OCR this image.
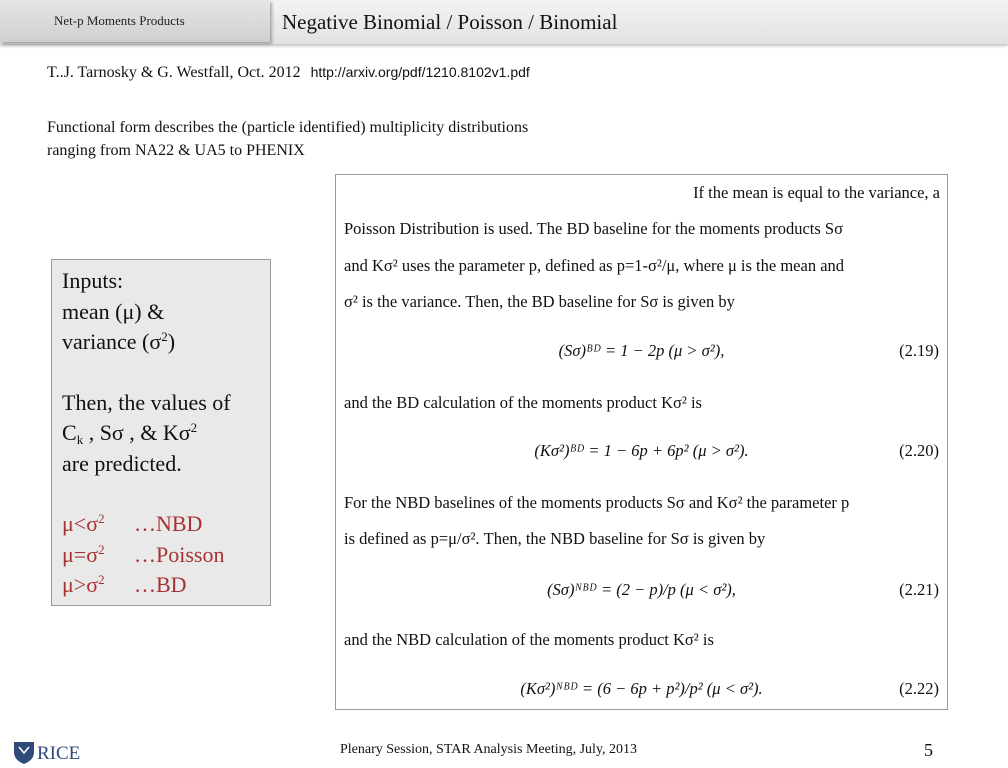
Net-p Moments Products	Negative Binomial / Poisson / Binomial
T..J. Tarnosky & G. Westfall, Oct. 2012 http://arxiv.org/pdf/1210.8102v1.pdf
Functional form describes the (particle identified) multiplicity distributions
ranging from NA22 & UA5 to PHENIX
Inputs:
mean (μ) &
variance $(\sigma^2)$
Then, the values of
$C_k$ , Sσ , & $K\sigma^2$
are predicted.
$\mu<\sigma^2$ …NBD
$\mu=\sigma^2$ …Poisson
$\mu>\sigma^2$ …BD
If the mean is equal to the variance, a
Poisson Distribution is used. The BD baseline for the moments products Sσ
and Kσ² uses the parameter p, defined as p=1-σ²/μ, where μ is the mean and
σ² is the variance. Then, the BD baseline for Sσ is given by
(Sσ)ᴮᴰ = 1 − 2p (μ > σ²),	(2.19)
and the BD calculation of the moments product Kσ² is
(Kσ²)ᴮᴰ = 1 − 6p + 6p² (μ > σ²).	(2.20)
For the NBD baselines of the moments products Sσ and Kσ² the parameter p
is defined as p=μ/σ². Then, the NBD baseline for Sσ is given by
(Sσ)ᴺᴮᴰ = (2 − p)/p (μ < σ²),	(2.21)
and the NBD calculation of the moments product Kσ² is
(Kσ²)ᴺᴮᴰ = (6 − 6p + p²)/p² (μ < σ²).	(2.22)
RICE	Plenary Session, STAR Analysis Meeting, July, 2013	5
